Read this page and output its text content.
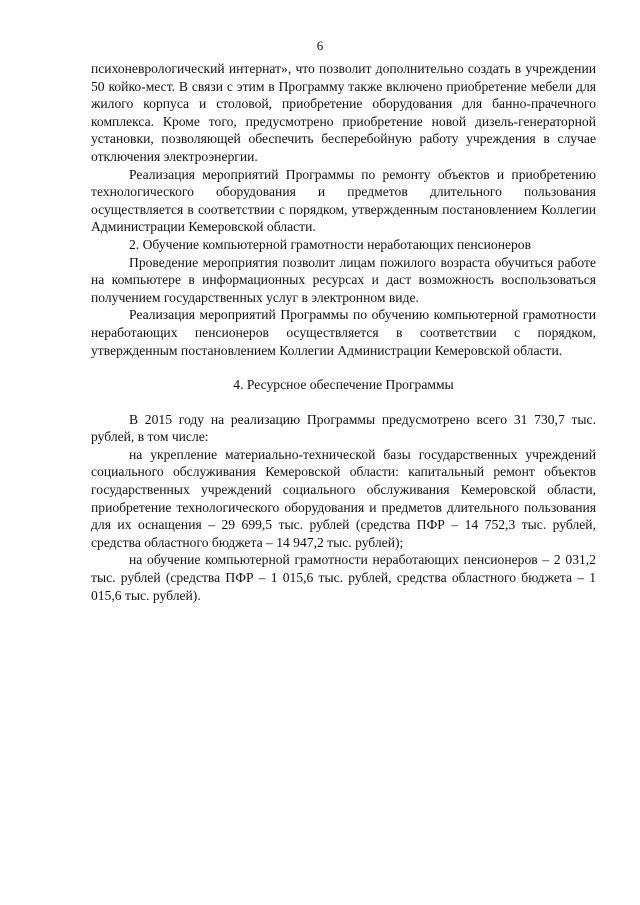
6

психоневрологический интернат», что позволит дополнительно создать в учреждении 50 койко-мест. В связи с этим в Программу также включено приобретение мебели для жилого корпуса и столовой, приобретение оборудования для банно-прачечного комплекса. Кроме того, предусмотрено приобретение новой дизель-генераторной установки, позволяющей обеспечить бесперебойную работу учреждения в случае отключения электроэнергии.

Реализация мероприятий Программы по ремонту объектов и приобретению технологического оборудования и предметов длительного пользования осуществляется в соответствии с порядком, утвержденным постановлением Коллегии Администрации Кемеровской области.

2. Обучение компьютерной грамотности неработающих пенсионеров

Проведение мероприятия позволит лицам пожилого возраста обучиться работе на компьютере в информационных ресурсах и даст возможность воспользоваться получением государственных услуг в электронном виде.

Реализация мероприятий Программы по обучению компьютерной грамотности неработающих пенсионеров осуществляется в соответствии с порядком, утвержденным постановлением Коллегии Администрации Кемеровской области.

4. Ресурсное обеспечение Программы

В 2015 году на реализацию Программы предусмотрено всего 31 730,7 тыс. рублей, в том числе:

на укрепление материально-технической базы государственных учреждений социального обслуживания Кемеровской области: капитальный ремонт объектов государственных учреждений социального обслуживания Кемеровской области, приобретение технологического оборудования и предметов длительного пользования для их оснащения – 29 699,5 тыс. рублей (средства ПФР – 14 752,3 тыс. рублей, средства областного бюджета – 14 947,2 тыс. рублей);

на обучение компьютерной грамотности неработающих пенсионеров – 2 031,2 тыс. рублей (средства ПФР – 1 015,6 тыс. рублей, средства областного бюджета – 1 015,6 тыс. рублей).
